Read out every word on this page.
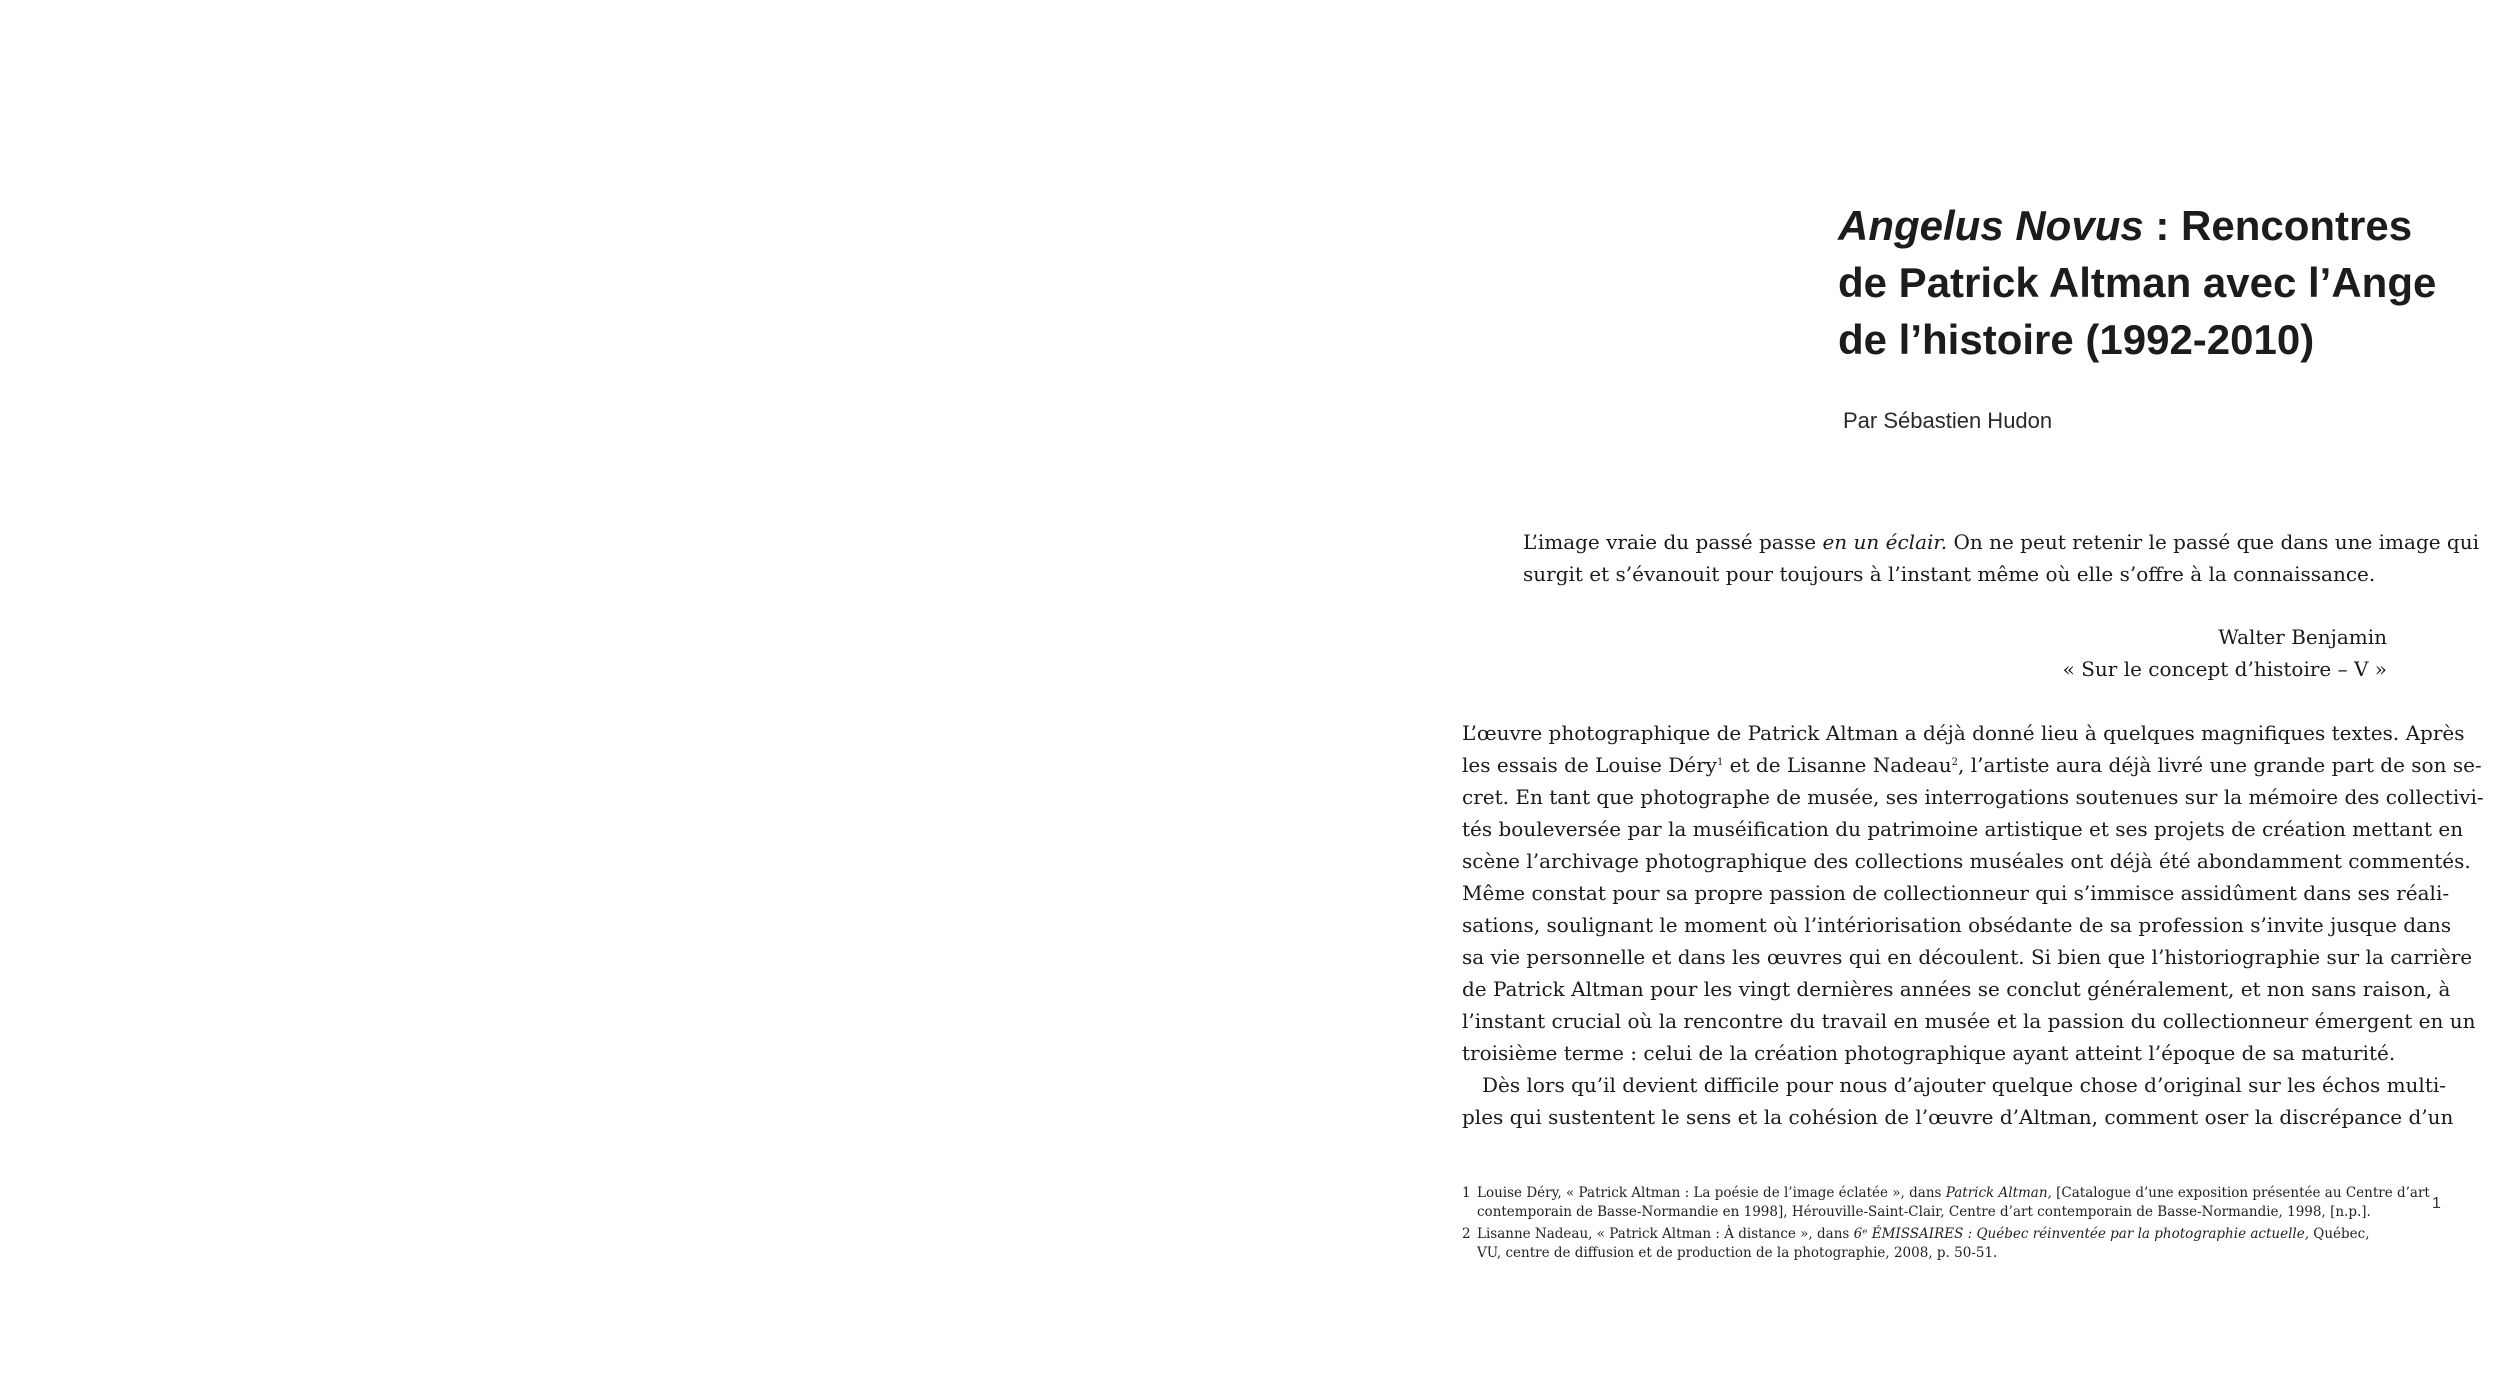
Angelus Novus : Rencontres
de Patrick Altman avec l’Ange
de l’histoire (1992-2010)

Par Sébastien Hudon

L’image vraie du passé passe en un éclair. On ne peut retenir le passé que dans une image qui
surgit et s’évanouit pour toujours à l’instant même où elle s’offre à la connaissance.

Walter Benjamin
« Sur le concept d’histoire – V »

L’œuvre photographique de Patrick Altman a déjà donné lieu à quelques magnifiques textes. Après
les essais de Louise Déry$^1$ et de Lisanne Nadeau$^2$, l’artiste aura déjà livré une grande part de son se-
cret. En tant que photographe de musée, ses interrogations soutenues sur la mémoire des collectivi-
tés bouleversée par la muséification du patrimoine artistique et ses projets de création mettant en
scène l’archivage photographique des collections muséales ont déjà été abondamment commentés.
Même constat pour sa propre passion de collectionneur qui s’immisce assidûment dans ses réali-
sations, soulignant le moment où l’intériorisation obsédante de sa profession s’invite jusque dans
sa vie personnelle et dans les œuvres qui en découlent. Si bien que l’historiographie sur la carrière
de Patrick Altman pour les vingt dernières années se conclut généralement, et non sans raison, à
l’instant crucial où la rencontre du travail en musée et la passion du collectionneur émergent en un
troisième terme : celui de la création photographique ayant atteint l’époque de sa maturité.
Dès lors qu’il devient difficile pour nous d’ajouter quelque chose d’original sur les échos multi-
ples qui sustentent le sens et la cohésion de l’œuvre d’Altman, comment oser la discrépance d’un
1 Louise Déry, « Patrick Altman : La poésie de l’image éclatée », dans Patrick Altman, [Catalogue d’une exposition présentée au Centre d’art
contemporain de Basse-Normandie en 1998], Hérouville-Saint-Clair, Centre d’art contemporain de Basse-Normandie, 1998, [n.p.].
2 Lisanne Nadeau, « Patrick Altman : À distance », dans 6ᵉ ÉMISSAIRES : Québec réinventée par la photographie actuelle, Québec,
VU, centre de diffusion et de production de la photographie, 2008, p. 50-51.
1
